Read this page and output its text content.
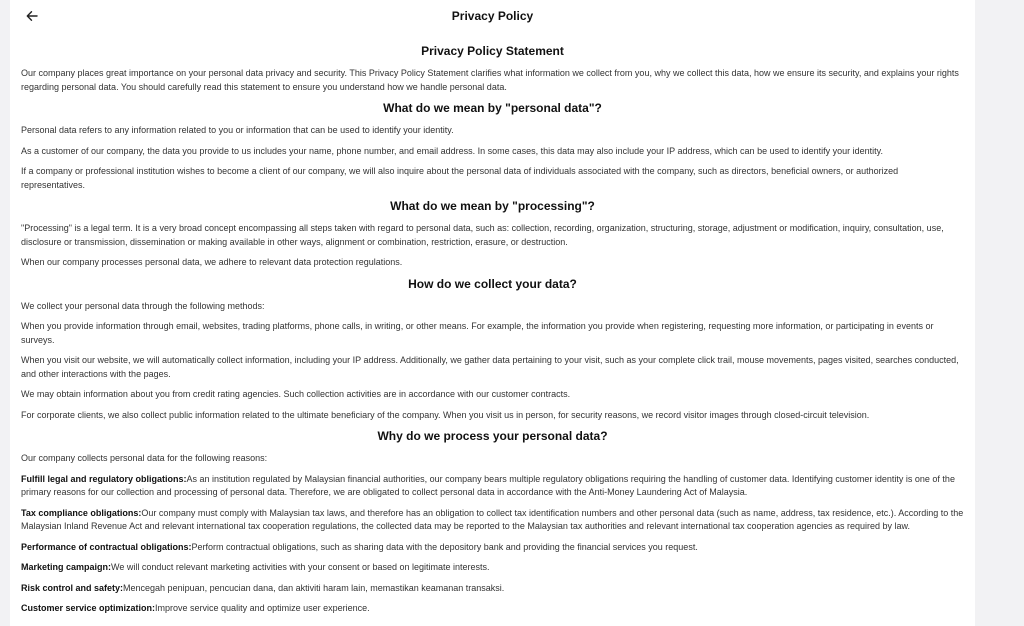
Privacy Policy
Privacy Policy Statement

Our company places great importance on your personal data privacy and security. This Privacy Policy Statement clarifies what information we collect from you, why we collect this data, how we ensure its security, and explains your rights regarding personal data. You should carefully read this statement to ensure you understand how we handle personal data.

What do we mean by "personal data"?

Personal data refers to any information related to you or information that can be used to identify your identity.

As a customer of our company, the data you provide to us includes your name, phone number, and email address. In some cases, this data may also include your IP address, which can be used to identify your identity.

If a company or professional institution wishes to become a client of our company, we will also inquire about the personal data of individuals associated with the company, such as directors, beneficial owners, or authorized representatives.

What do we mean by "processing"?

"Processing" is a legal term. It is a very broad concept encompassing all steps taken with regard to personal data, such as: collection, recording, organization, structuring, storage, adjustment or modification, inquiry, consultation, use, disclosure or transmission, dissemination or making available in other ways, alignment or combination, restriction, erasure, or destruction.

When our company processes personal data, we adhere to relevant data protection regulations.

How do we collect your data?

We collect your personal data through the following methods:

When you provide information through email, websites, trading platforms, phone calls, in writing, or other means. For example, the information you provide when registering, requesting more information, or participating in events or surveys.

When you visit our website, we will automatically collect information, including your IP address. Additionally, we gather data pertaining to your visit, such as your complete click trail, mouse movements, pages visited, searches conducted, and other interactions with the pages.

We may obtain information about you from credit rating agencies. Such collection activities are in accordance with our customer contracts.

For corporate clients, we also collect public information related to the ultimate beneficiary of the company. When you visit us in person, for security reasons, we record visitor images through closed-circuit television.

Why do we process your personal data?

Our company collects personal data for the following reasons:

Fulfill legal and regulatory obligations:As an institution regulated by Malaysian financial authorities, our company bears multiple regulatory obligations requiring the handling of customer data. Identifying customer identity is one of the primary reasons for our collection and processing of personal data. Therefore, we are obligated to collect personal data in accordance with the Anti-Money Laundering Act of Malaysia.

Tax compliance obligations:Our company must comply with Malaysian tax laws, and therefore has an obligation to collect tax identification numbers and other personal data (such as name, address, tax residence, etc.). According to the Malaysian Inland Revenue Act and relevant international tax cooperation regulations, the collected data may be reported to the Malaysian tax authorities and relevant international tax cooperation agencies as required by law.

Performance of contractual obligations:Perform contractual obligations, such as sharing data with the depository bank and providing the financial services you request.

Marketing campaign:We will conduct relevant marketing activities with your consent or based on legitimate interests.

Risk control and safety:Mencegah penipuan, pencucian dana, dan aktiviti haram lain, memastikan keamanan transaksi.

Customer service optimization:Improve service quality and optimize user experience.
